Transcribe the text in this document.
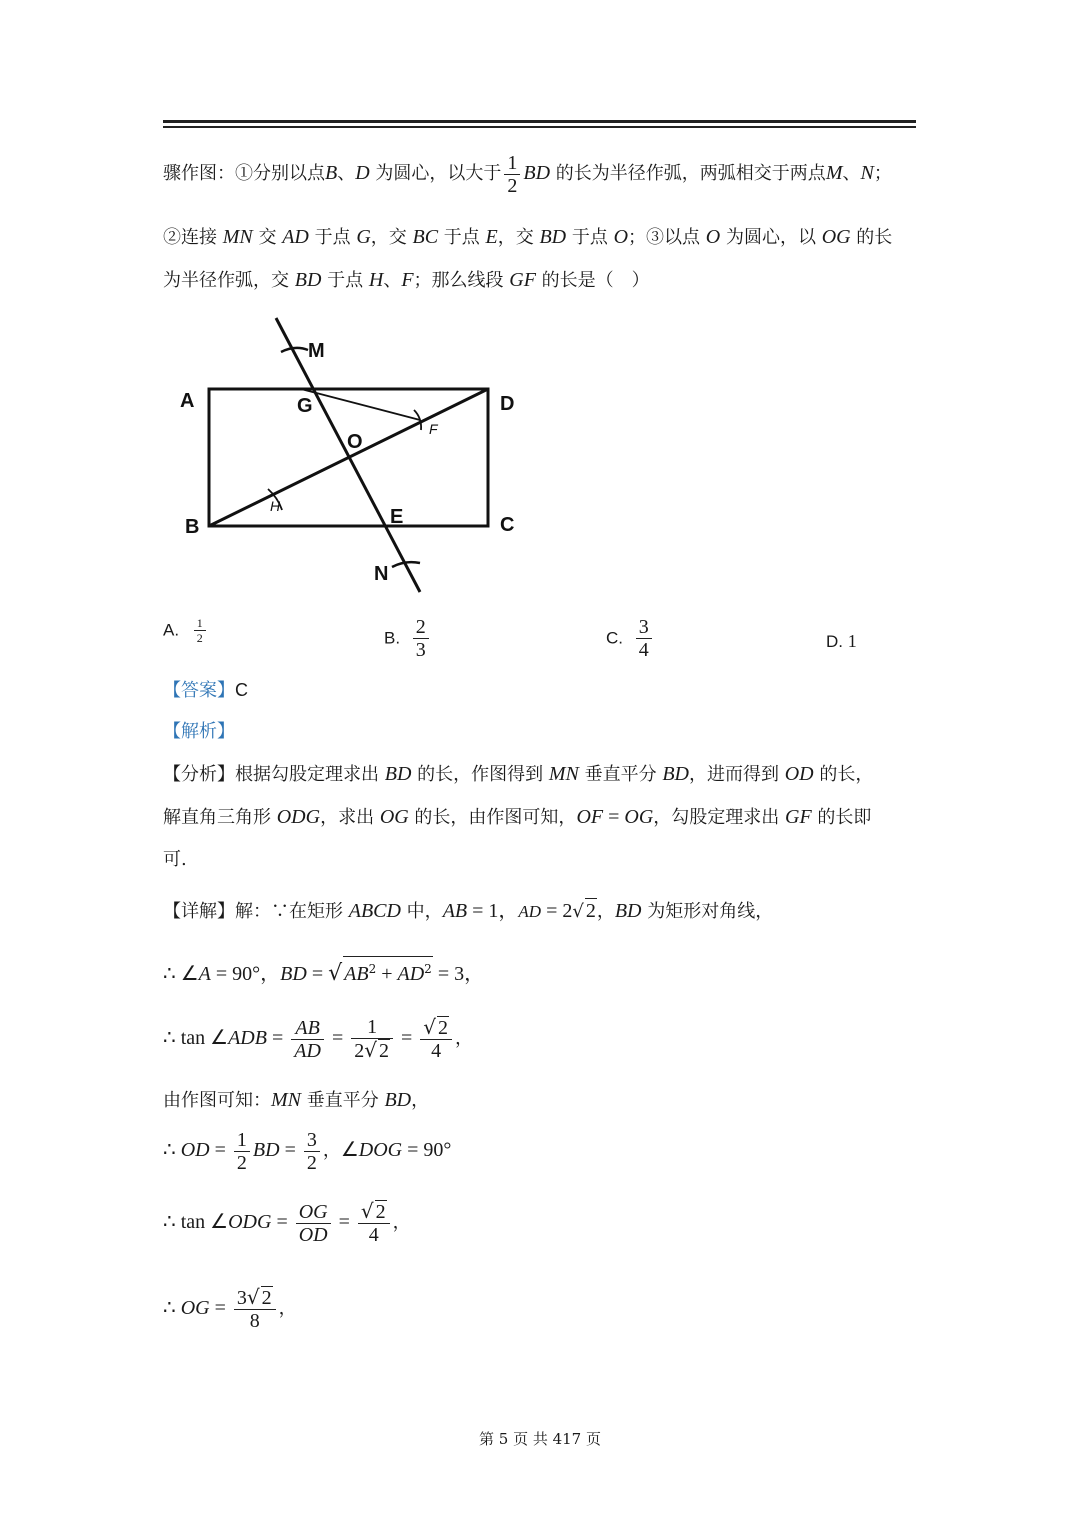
骤作图：①分别以点B、D 为圆心，以大于 $\frac{1}{2}$ BD 的长为半径作弧，两弧相交于两点M、N；
②连接 MN 交 AD 于点 G，交 BC 于点 E，交 BD 于点 O；③以点 O 为圆心，以 OG 的长
为半径作弧，交 BD 于点 H、F；那么线段 GF 的长是（　）
A	D
B	C
G
O
E
M
N
F
H
A. $\frac{1}{2}$	B. $\frac{2}{3}$	C. $\frac{3}{4}$	D. 1
【答案】C
【解析】
【分析】根据勾股定理求出 BD 的长，作图得到 MN 垂直平分 BD，进而得到 OD 的长，
解直角三角形 ODG，求出 OG 的长，由作图可知，OF = OG，勾股定理求出 GF 的长即
可.
【详解】解：∵在矩形 ABCD 中，AB = 1，AD = 2√ 2，BD 为矩形对角线，
∴ ∠A = 90°，BD = √ $AB^2 + AD^2 = 3$，
∴ tan ∠ADB = $\frac{AB}{AD} = \frac{1}{2√ 2} = \frac{√ 2}{4}$ ，
由作图可知：MN 垂直平分 BD，
∴ OD = $\frac{1}{2}$ BD = $\frac{3}{2}$ ，∠DOG = 90°
∴ tan ∠ODG = $\frac{OG}{OD} = \frac{√ 2}{4}$ ，
∴ OG = $\frac{3√ 2}{8}$ ，
第 5 页 共 417 页
